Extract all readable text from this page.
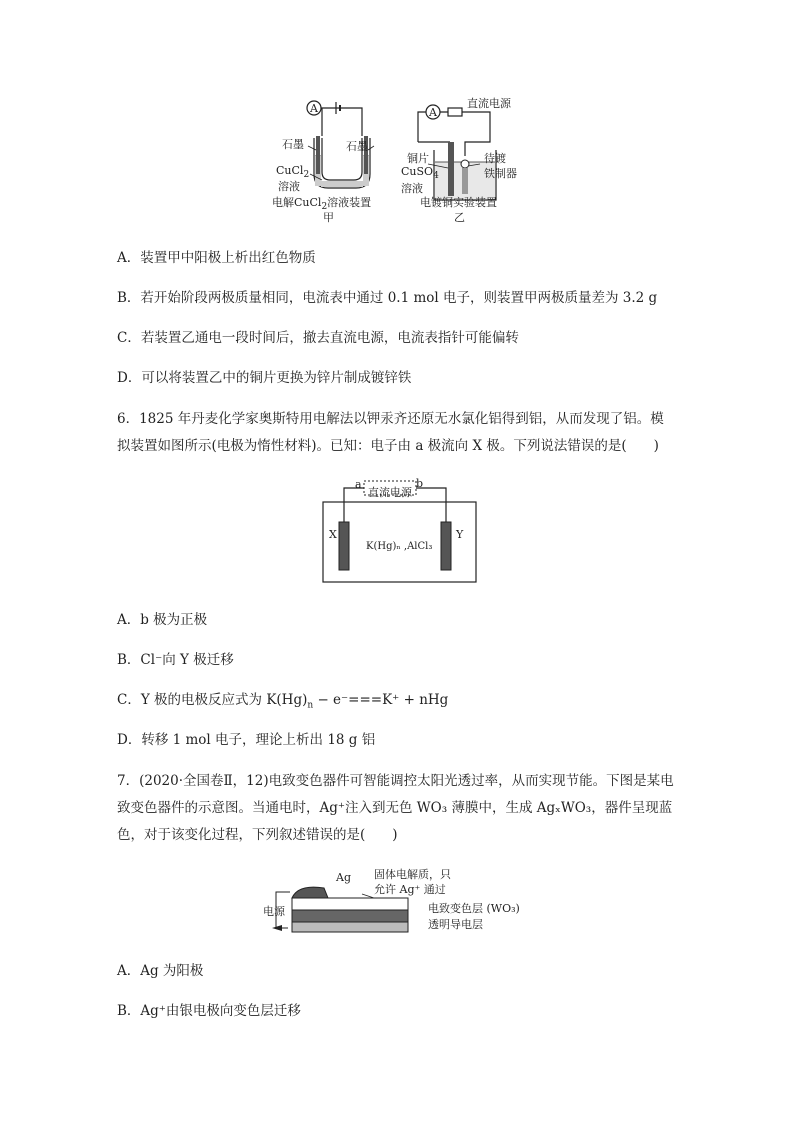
A
石墨	石墨
CuCl$_2$
溶液
电解CuCl$_2$溶液装置
甲
A
直流电源
铜片
CuSO$_4$
溶液
待镀
铁制器
电镀铜实验装置
乙
A．装置甲中阳极上析出红色物质
B．若开始阶段两极质量相同，电流表中通过 0.1 mol 电子，则装置甲两极质量差为 3.2 g
C．若装置乙通电一段时间后，撤去直流电源，电流表指针可能偏转
D．可以将装置乙中的铜片更换为锌片制成镀锌铁
6．1825 年丹麦化学家奥斯特用电解法以钾汞齐还原无水氯化铝得到铝，从而发现了铝。模
拟装置如图所示(电极为惰性材料)。已知：电子由 a 极流向 X 极。下列说法错误的是(　　)
a	b
直流电源
X	Y
K(Hg)ₙ ,AlCl₃
A．b 极为正极
B．Cl⁻向 Y 极迁移
C．Y 极的电极反应式为 $K(Hg)_n - e^-===K^+$ + nHg
D．转移 1 mol 电子，理论上析出 18 g 铝
7．(2020·全国卷Ⅱ，12)电致变色器件可智能调控太阳光透过率，从而实现节能。下图是某电
致变色器件的示意图。当通电时，Ag⁺注入到无色 WO₃ 薄膜中，生成 AgₓWO₃，器件呈现蓝
色，对于该变化过程，下列叙述错误的是(　　)
Ag
电源
固体电解质，只
允许 Ag⁺ 通过
电致变色层 (WO₃)
透明导电层
A．Ag 为阳极
B．Ag⁺由银电极向变色层迁移
